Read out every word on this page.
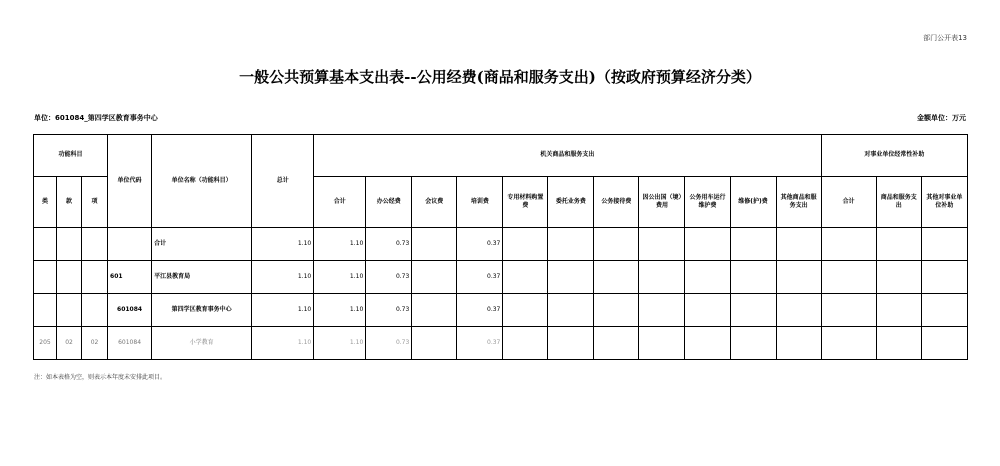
部门公开表13
一般公共预算基本支出表--公用经费(商品和服务支出)（按政府预算经济分类）
单位：601084_第四学区教育事务中心	金额单位：万元
功能科目			单位代码	单位名称（功能科目）	总计	机关商品和服务支出											对事业单位经常性补助		
类	款	项				合计	办公经费	会议费	培训费	专用材料购置费	委托业务费	公务接待费	因公出国（境）费用	公务用车运行维护费	维修(护)费	其他商品和服务支出	合计	商品和服务支出	其他对事业单位补助
				合计	1.10	1.10	0.73		0.37										
			601	平江县教育局	1.10	1.10	0.73		0.37										
			601084	第四学区教育事务中心	1.10	1.10	0.73		0.37										
205	02	02	601084	小学教育	1.10	1.10	0.73		0.37										
注：如本表格为空，则表示本年度未安排此项目。
